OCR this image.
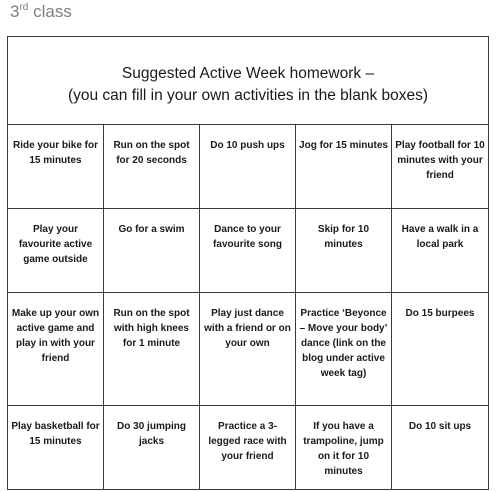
3rd class
Suggested Active Week homework –
(you can fill in your own activities in the blank boxes)
Ride your bike for 15 minutes
Run on the spot for 20 seconds
Do 10 push ups	Jog for 15 minutes Play football for 10 minutes with your friend
Play your favourite active game outside
Go for a swim	Dance to your favourite song
Skip for 10 minutes
Have a walk in a local park
Make up your own active game and play in with your friend
Run on the spot with high knees for 1 minute
Play just dance with a friend or on your own
Practice ‘Beyonce – Move your body’ dance (link on the blog under active week tag)
Do 15 burpees
Play basketball for 15 minutes
Do 30 jumping jacks
Practice a 3-legged race with your friend
If you have a trampoline, jump on it for 10 minutes
Do 10 sit ups
